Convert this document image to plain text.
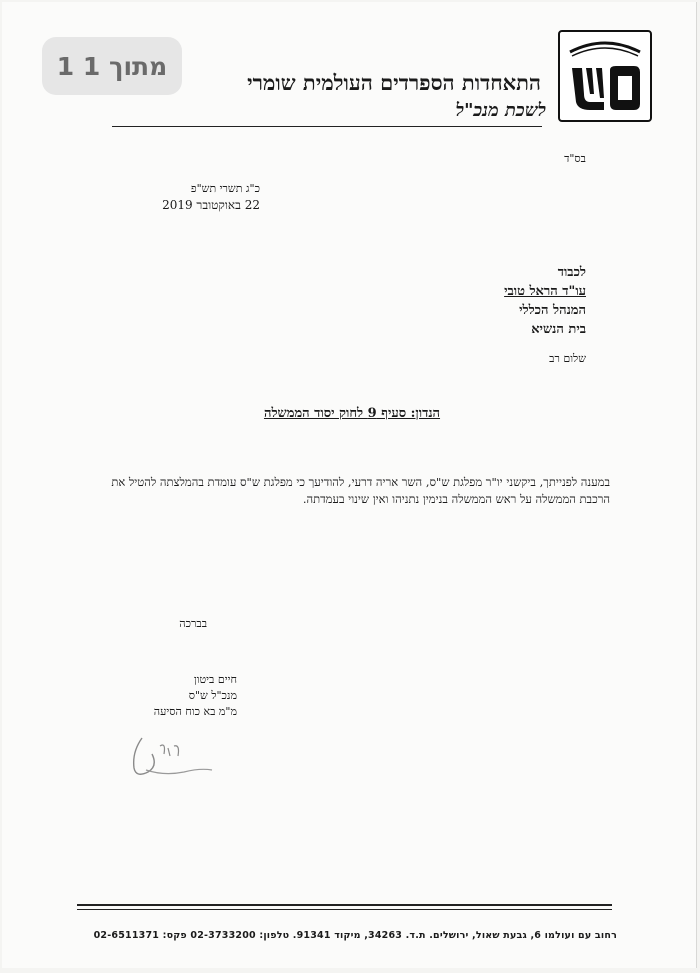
1 מתוך 1
התאחדות הספרדים העולמית שומרי
לשכת מנכ"ל
בס"ד
כ"ג תשרי תש"פ
22 באוקטובר 2019
לכבוד
עו"ד הראל טובי
המנהל הכללי
בית הנשיא
שלום רב
הנדון: סעיף 9 לחוק יסוד הממשלה
במענה לפנייתך, ביקשני יו"ר מפלגת ש"ס, השר אריה דרעי, להודיעך כי מפלגת ש"ס עומדת בהמלצתה להטיל את הרכבת הממשלה על ראש הממשלה בנימין נתניהו ואין שינוי בעמדתה.
בברכה
חיים ביטון
מנכ"ל ש"ס
מ"מ בא כוח הסיעה
רחוב עם ועולמו 6, גבעת שאול, ירושלים. ת.ד. 34263, מיקוד 91341. טלפון: 02-3733200 פקס: 02-6511371
